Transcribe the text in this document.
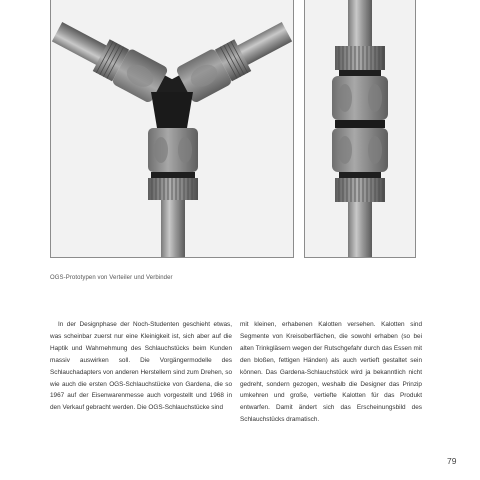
OGS-Prototypen von Verteiler und Verbinder

In der Designphase der Noch-Studenten geschieht etwas, was scheinbar zuerst nur eine Kleinigkeit ist, sich aber auf die Haptik und Wahrnehmung des Schlauchstücks beim Kunden massiv auswirken soll. Die Vorgängermodelle des Schlauchadapters von anderen Herstellern sind zum Drehen, so wie auch die ersten OGS-Schlauchstücke von Gardena, die so 1967 auf der Eisenwarenmesse auch vorgestellt und 1968 in den Verkauf gebracht werden. Die OGS-Schlauchstücke sind

mit kleinen, erhabenen Kalotten versehen. Kalotten sind Segmente von Kreisoberflächen, die sowohl erhaben (so bei alten Trinkgläsern wegen der Rutschgefahr durch das Essen mit den bloßen, fettigen Händen) als auch vertieft gestaltet sein können. Das Gardena-Schlauchstück wird ja bekanntlich nicht gedreht, sondern gezogen, weshalb die Designer das Prinzip umkehren und große, vertiefte Kalotten für das Produkt entwarfen. Damit ändert sich das Erscheinungsbild des Schlauchstücks dramatisch.

79
